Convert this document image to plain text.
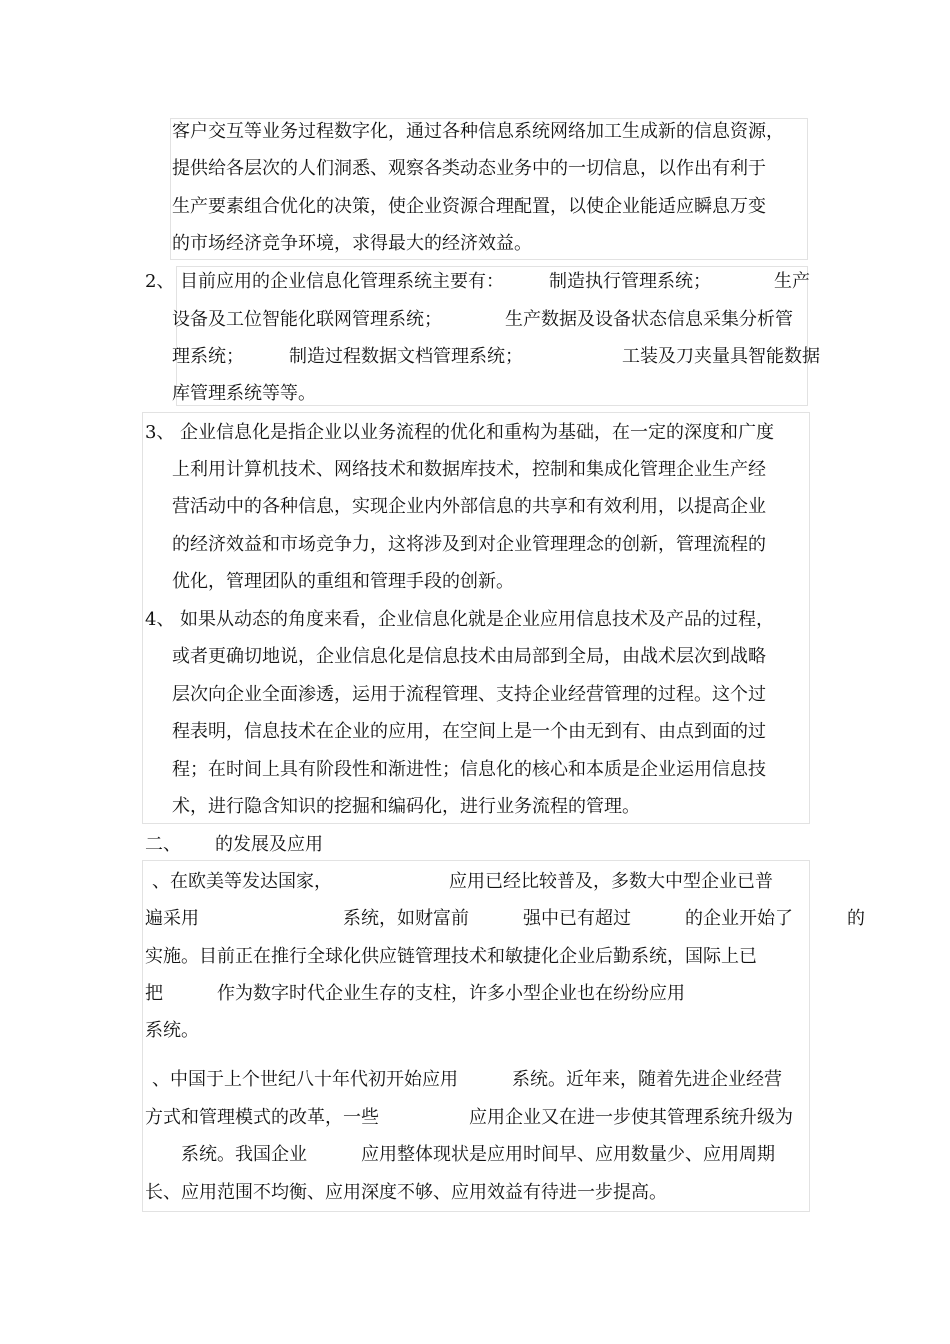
客户交互等业务过程数字化，通过各种信息系统网络加工生成新的信息资源，
提供给各层次的人们洞悉、观察各类动态业务中的一切信息，以作出有利于
生产要素组合优化的决策，使企业资源合理配置，以使企业能适应瞬息万变
的市场经济竞争环境，求得最大的经济效益。
2、 目前应用的企业信息化管理系统主要有：　　　制造执行管理系统；　　　　生产
设备及工位智能化联网管理系统；　　　　生产数据及设备状态信息采集分析管
理系统；　　　制造过程数据文档管理系统；　　　　　　工装及刀夹量具智能数据
库管理系统等等。
3、 企业信息化是指企业以业务流程的优化和重构为基础，在一定的深度和广度
上利用计算机技术、网络技术和数据库技术，控制和集成化管理企业生产经
营活动中的各种信息，实现企业内外部信息的共享和有效利用，以提高企业
的经济效益和市场竞争力，这将涉及到对企业管理理念的创新，管理流程的
优化，管理团队的重组和管理手段的创新。
4、 如果从动态的角度来看，企业信息化就是企业应用信息技术及产品的过程，
或者更确切地说，企业信息化是信息技术由局部到全局，由战术层次到战略
层次向企业全面渗透，运用于流程管理、支持企业经营管理的过程。这个过
程表明，信息技术在企业的应用，在空间上是一个由无到有、由点到面的过
程；在时间上具有阶段性和渐进性；信息化的核心和本质是企业运用信息技
术，进行隐含知识的挖掘和编码化，进行业务流程的管理。
二、 的发展及应用
、在欧美等发达国家，　　　　　　　应用已经比较普及，多数大中型企业已普
遍采用　　　　　　　　系统，如财富前　　　强中已有超过　　　的企业开始了　　　的
实施。目前正在推行全球化供应链管理技术和敏捷化企业后勤系统，国际上已
把　　　作为数字时代企业生存的支柱，许多小型企业也在纷纷应用
系统。
、中国于上个世纪八十年代初开始应用　　　系统。近年来，随着先进企业经营
方式和管理模式的改革，一些　　　　　应用企业又在进一步使其管理系统升级为
　　系统。我国企业　　　应用整体现状是应用时间早、应用数量少、应用周期
长、应用范围不均衡、应用深度不够、应用效益有待进一步提高。
